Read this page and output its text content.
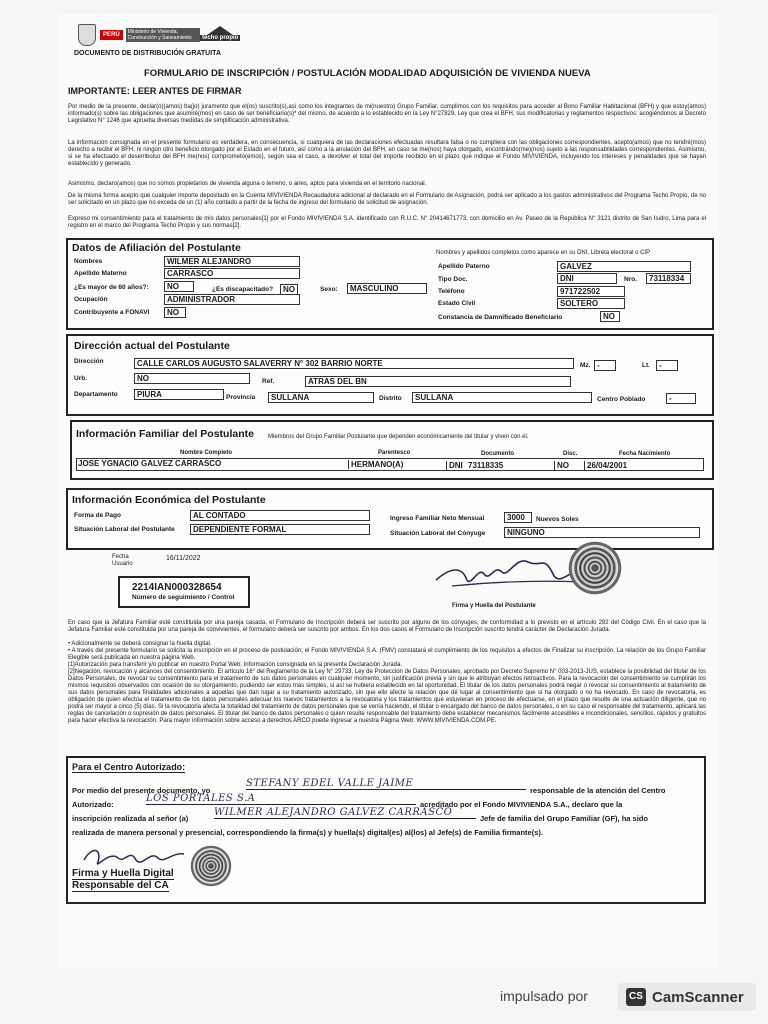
PERÚ	Ministerio de Vivienda, Construcción y Saneamiento	techo propio
DOCUMENTO DE DISTRIBUCIÓN GRATUITA
FORMULARIO DE INSCRIPCIÓN / POSTULACIÓN MODALIDAD ADQUISICIÓN DE VIVIENDA NUEVA
IMPORTANTE: LEER ANTES DE FIRMAR
Por medio de la presente, declar(o)(amos) ba(jo) juramento que el(os) suscrito(s),así como los integrantes de mi(nuestro) Grupo Familiar, cumplimos con los requisitos para acceder al Bono Familiar Habitacional (BFH) y que estoy(amos) informado(s) sobre las obligaciones que asumiré(mos) en caso de ser beneficiario(s)* del mismo, de acuerdo a lo establecido en la Ley N°27829, Ley que crea el BFH, sus modificatorias y reglamentos respectivos: acogiéndonos al Decreto Legislativo N° 1246 que aprueba diversas medidas de simplificación administrativa.
La información consignada en el presente formulario es verdadera, en consecuencia, si cualquiera de las declaraciones efectuadas resultara falsa o no cumpliera con las obligaciones correspondientes, acepto(amos) que no tendré(mos) derecho a recibir el BFH, ni ningún otro beneficio otorgado por el Estado en el futuro, así como a la anulación del BFH, en caso se me(nos) haya otorgado, encontrándo(me)(nos) sujeto a las responsabilidades correspondientes. Asimismo, si se ha efectuado el desembolso del BFH me(nos) comprometo(emos), según sea el caso, a devolver el total del importe recibido en el plazo que indique el Fondo MIVIVIENDA, incluyendo los intereses y penalidades que se hayan establecido y generado.
Asimismo, declaro(amos) que no somos propietarios de vivienda alguna o terreno, o aires, aptos para vivienda en el territorio nacional.
De la misma forma acepto que cualquier importe depositado en la Cuenta MIVIVIENDA Recaudadora adicional al declarado en el Formulario de Asignación, podrá ser aplicado a los gastos administrativos del Programa Techo Propio, de no ser solicitado en un plazo que no exceda de un (1) año contado a partir de la fecha de ingreso del formulario de solicitud de asignación.
Expreso mi consentimiento para el tratamiento de mis datos personales[1] por el Fondo MIVIVIENDA S.A. identificado con R.U.C. N° 20414671773, con domicilio en Av. Paseo de la República N° 3121 distrito de San Isidro, Lima para el registro en el marco del Programa Techo Propio y sus normas[2].
Datos de Afiliación del Postulante	Nombres y apellidos completos como aparece en su DNI, Libreta electoral o CIP
Nombres	WILMER ALEJANDRO
Apellido Materno	CARRASCO
¿Es mayor de 60 años?:	NO	¿Es discapacitado?	NO	Sexo:	MASCULINO
Ocupación	ADMINISTRADOR
Contribuyente a FONAVI	NO
Apellido Paterno	GALVEZ
Tipo Doc.	DNI	Nro.	73118334
Teléfono	971722502
Estado Civil	SOLTERO
Constancia de Damnificado Beneficiario	NO
Dirección actual del Postulante
Dirección	CALLE CARLOS AUGUSTO SALAVERRY N° 302 BARRIO NORTE	Mz. -	Lt.	-
Urb.	NO	Ref.	ATRAS DEL BN
Departamento	PIURA	Provincia	SULLANA	Distrito	SULLANA	Centro Poblado	-
Información Familiar del Postulante Miembros del Grupo Familiar Postulante que dependen económicamente del titular y viven con él.
Nombre Completo	Parentesco	Documento	Disc.	Fecha Nacimiento
JOSE YGNACIO GALVEZ CARRASCO	HERMANO(A)	DNI 73118335	NO	26/04/2001
Información Económica del Postulante
Forma de Pago	AL CONTADO	Ingreso Familiar Neto Mensual	3000	Nuevos Soles
Situación Laboral del Postulante	DEPENDIENTE FORMAL	Situación Laboral del Cónyuge	NINGUNO
Fecha Usuario
16/11/2022
2214IAN000328654
Número de seguimiento / Control
Firma y Huella del Postulante
En caso que la Jefatura Familiar esté constituida por una pareja casada, el Formulario de Inscripción deberá ser suscrito por alguno de los cónyuges, de conformidad a lo previsto en el artículo 292 del Código Civil. En el caso que la Jefatura Familiar esté constituida por una pareja de convivientes, el formulario deberá ser suscrito por ambos. En los dos casos el Formulario de Inscripción suscrito tendrá carácter de Declaración Jurada.
• Adicionalmente se deberá consignar la huella digital.
• A través del presente formulario se solicita la inscripción en el proceso de postulación; el Fondo MIVIVIENDA S.A. (FMV) constatará el cumplimiento de los requisitos a efectos de Finalizar su inscripción. La relación de los Grupo Familiar Elegible será publicada en nuestra página Web.
[1]Autorización para transferir y/o publicar en nuestro Portal Web: Información consignada en la presente Declaración Jurada.
[2]Negación, revocación y alcances del consentimiento. El artículo 16° del Reglamento de la Ley N° 29733, Ley de Protección de Datos Personales, aprobado por Decreto Supremo N° 003-2013-JUS, establece la posibilidad del titular de los Datos Personales, de revocar su consentimiento para el tratamiento de sus datos personales en cualquier momento, sin justificación previa y sin que le atribuyan efectos retroactivos. Para la revocación del consentimiento se cumplirán los mismos requisitos observados con ocasión de su otorgamiento, pudiendo ser estos más simples, si así se hubiera establecido en tal oportunidad. El titular de los datos personales podrá negar o revocar su consentimiento al tratamiento de sus datos personales para finalidades adicionales a aquellas que dan lugar a su tratamiento autorizado, sin que ello afecte la relación que dé lugar al consentimiento que sí ha otorgado o no ha revocado. En caso de revocatoria, es obligación de quien efectúa el tratamiento de los datos personales adecuar los nuevos tratamientos a la revocatoria y los tratamientos que estuvieran en proceso de efectuarse, en el plazo que resulte de una actuación diligente, que no podrá ser mayor a cinco (5) días. Si la revocatoria afecta la totalidad del tratamiento de datos personales que se venía haciendo, el titular o encargado del banco de datos personales, o en su caso el responsable del tratamiento, aplicará las reglas de cancelación o supresión de datos personales. El titular del banco de datos personales o quien resulte responsable del tratamiento debe establecer mecanismos fácilmente accesibles e incondicionales, sencillos, rápidos y gratuitos para hacer efectiva la revocación. Para mayor información sobre acceso a derechos ARCO puede ingresar a nuestra Página Web: WWW.MIVIVIENDA.COM.PE.
Para el Centro Autorizado:
Por medio del presente documento, yo
STEFANY EDEL VALLE JAIME
responsable de la atención del Centro
Autorizado:
LOS PORTALES S.A
acreditado por el Fondo MIVIVIENDA S.A., declaro que la
inscripción realizada al señor (a)
WILMER ALEJANDRO GALVEZ CARRASCO
Jefe de familia del Grupo Familiar (GF), ha sido
realizada de manera personal y presencial, correspondiendo la firma(s) y huella(s) digital(es) al(los) al Jefe(s) de Familia firmante(s).
Firma y Huella Digital
Responsable del CA
impulsado por	CS CamScanner
